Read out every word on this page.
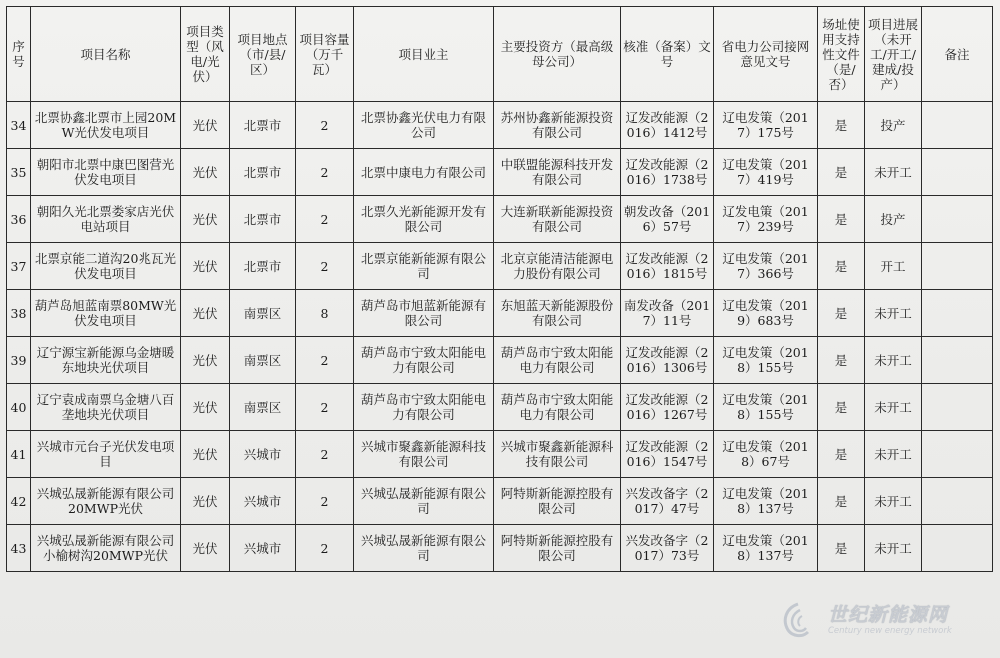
序号	项目名称	项目类型（风电/光伏）	项目地点（市/县/区）	项目容量（万千瓦）	项目业主	主要投资方（最高级母公司）	核准（备案）文号	省电力公司接网意见文号	场址使用支持性文件（是/否）	项目进展（未开工/开工/建成/投产）	备注
34	北票协鑫北票市上园20MW光伏发电项目	光伏	北票市	2	北票协鑫光伏电力有限公司	苏州协鑫新能源投资有限公司	辽发改能源（2016）1412号	辽电发策（2017）175号	是	投产	
35	朝阳市北票中康巴图营光伏发电项目	光伏	北票市	2	北票中康电力有限公司	中联盟能源科技开发有限公司	辽发改能源（2016）1738号	辽电发策（2017）419号	是	未开工	
36	朝阳久光北票娄家店光伏电站项目	光伏	北票市	2	北票久光新能源开发有限公司	大连新联新能源投资有限公司	朝发改备（2016）57号	辽发电策（2017）239号	是	投产	
37	北票京能二道沟20兆瓦光伏发电项目	光伏	北票市	2	北票京能新能源有限公司	北京京能清洁能源电力股份有限公司	辽发改能源（2016）1815号	辽电发策（2017）366号	是	开工	
38	葫芦岛旭蓝南票80MW光伏发电项目	光伏	南票区	8	葫芦岛市旭蓝新能源有限公司	东旭蓝天新能源股份有限公司	南发改备（2017）11号	辽电发策（2019）683号	是	未开工	
39	辽宁源宝新能源乌金塘暖东地块光伏项目	光伏	南票区	2	葫芦岛市宁致太阳能电力有限公司	葫芦岛市宁致太阳能电力有限公司	辽发改能源（2016）1306号	辽电发策（2018）155号	是	未开工	
40	辽宁袁成南票乌金塘八百垄地块光伏项目	光伏	南票区	2	葫芦岛市宁致太阳能电力有限公司	葫芦岛市宁致太阳能电力有限公司	辽发改能源（2016）1267号	辽电发策（2018）155号	是	未开工	
41	兴城市元台子光伏发电项目	光伏	兴城市	2	兴城市聚鑫新能源科技有限公司	兴城市聚鑫新能源科技有限公司	辽发改能源（2016）1547号	辽电发策（2018）67号	是	未开工	
42	兴城弘晟新能源有限公司20MWP光伏	光伏	兴城市	2	兴城弘晟新能源有限公司	阿特斯新能源控股有限公司	兴发改备字（2017）47号	辽电发策（2018）137号	是	未开工	
43	兴城弘晟新能源有限公司小榆树沟20MWP光伏	光伏	兴城市	2	兴城弘晟新能源有限公司	阿特斯新能源控股有限公司	兴发改备字（2017）73号	辽电发策（2018）137号	是	未开工	
世纪新能源网
Century new energy network
